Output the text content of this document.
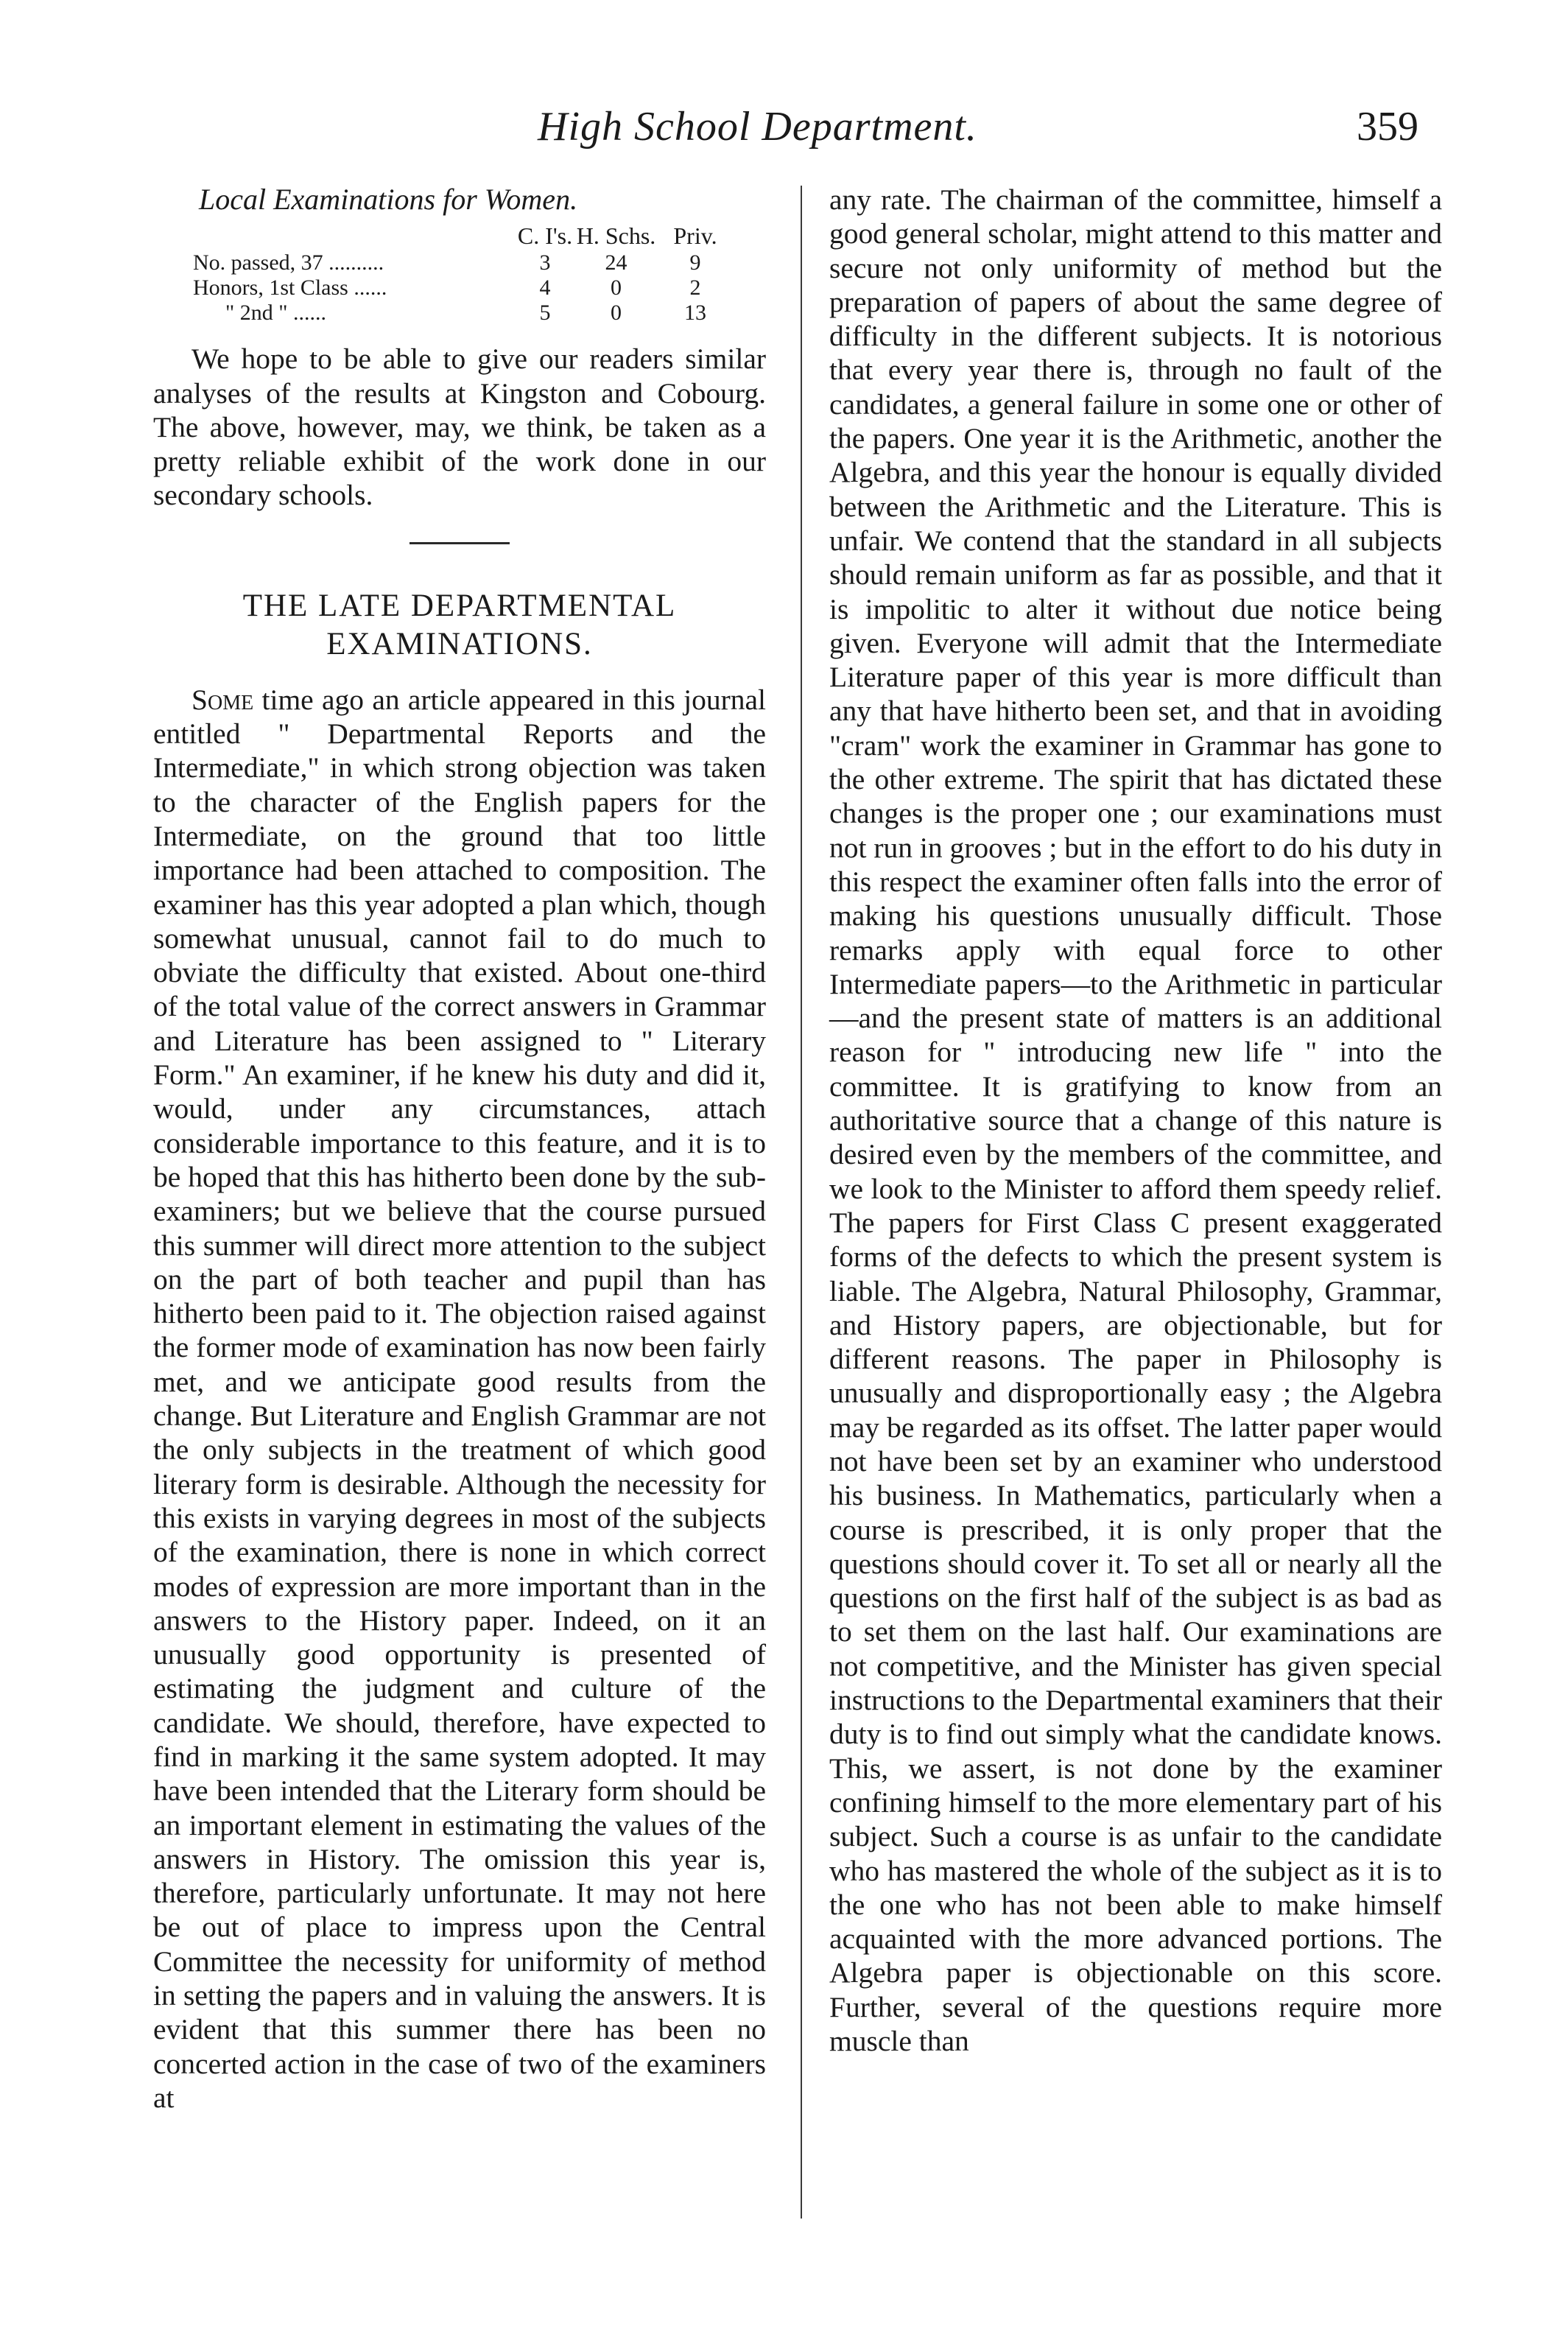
High School Department.	359

Local Examinations for Women.

	C. I's.	H. Schs.	Priv.
No. passed, 37 ..........	3	24	9
Honors, 1st Class ......	4	0	2
" 2nd " ......	5	0	13

We hope to be able to give our readers similar analyses of the results at Kingston and Cobourg. The above, however, may, we think, be taken as a pretty reliable exhibit of the work done in our secondary schools.

THE LATE DEPARTMENTAL
EXAMINATIONS.

Some time ago an article appeared in this journal entitled " Departmental Reports and the Intermediate," in which strong objection was taken to the character of the English papers for the Intermediate, on the ground that too little importance had been attached to composition. The examiner has this year adopted a plan which, though somewhat unusual, cannot fail to do much to obviate the difficulty that existed. About one-third of the total value of the correct answers in Grammar and Literature has been assigned to " Literary Form." An examiner, if he knew his duty and did it, would, under any circumstances, attach considerable importance to this feature, and it is to be hoped that this has hitherto been done by the sub-examiners; but we believe that the course pursued this summer will direct more attention to the subject on the part of both teacher and pupil than has hitherto been paid to it. The objection raised against the former mode of examination has now been fairly met, and we anticipate good results from the change. But Literature and English Grammar are not the only subjects in the treatment of which good literary form is desirable. Although the necessity for this exists in varying degrees in most of the subjects of the examination, there is none in which correct modes of expression are more important than in the answers to the History paper. Indeed, on it an unusually good opportunity is presented of estimating the judgment and culture of the candidate. We should, therefore, have expected to find in marking it the same system adopted. It may have been intended that the Literary form should be an important element in estimating the values of the answers in History. The omission this year is, therefore, particularly unfortunate. It may not here be out of place to impress upon the Central Committee the necessity for uniformity of method in setting the papers and in valuing the answers. It is evident that this summer there has been no concerted action in the case of two of the examiners at

any rate. The chairman of the committee, himself a good general scholar, might attend to this matter and secure not only uniformity of method but the preparation of papers of about the same degree of difficulty in the different subjects. It is notorious that every year there is, through no fault of the candidates, a general failure in some one or other of the papers. One year it is the Arithmetic, another the Algebra, and this year the honour is equally divided between the Arithmetic and the Literature. This is unfair. We contend that the standard in all subjects should remain uniform as far as possible, and that it is impolitic to alter it without due notice being given. Everyone will admit that the Intermediate Literature paper of this year is more difficult than any that have hitherto been set, and that in avoiding "cram" work the examiner in Grammar has gone to the other extreme. The spirit that has dictated these changes is the proper one ; our examinations must not run in grooves ; but in the effort to do his duty in this respect the examiner often falls into the error of making his questions unusually difficult. Those remarks apply with equal force to other Intermediate papers—to the Arithmetic in particular—and the present state of matters is an additional reason for " introducing new life " into the committee. It is gratifying to know from an authoritative source that a change of this nature is desired even by the members of the committee, and we look to the Minister to afford them speedy relief. The papers for First Class C present exaggerated forms of the defects to which the present system is liable. The Algebra, Natural Philosophy, Grammar, and History papers, are objectionable, but for different reasons. The paper in Philosophy is unusually and disproportionally easy ; the Algebra may be regarded as its offset. The latter paper would not have been set by an examiner who understood his business. In Mathematics, particularly when a course is prescribed, it is only proper that the questions should cover it. To set all or nearly all the questions on the first half of the subject is as bad as to set them on the last half. Our examinations are not competitive, and the Minister has given special instructions to the Departmental examiners that their duty is to find out simply what the candidate knows. This, we assert, is not done by the examiner confining himself to the more elementary part of his subject. Such a course is as unfair to the candidate who has mastered the whole of the subject as it is to the one who has not been able to make himself acquainted with the more advanced portions. The Algebra paper is objectionable on this score. Further, several of the questions require more muscle than
